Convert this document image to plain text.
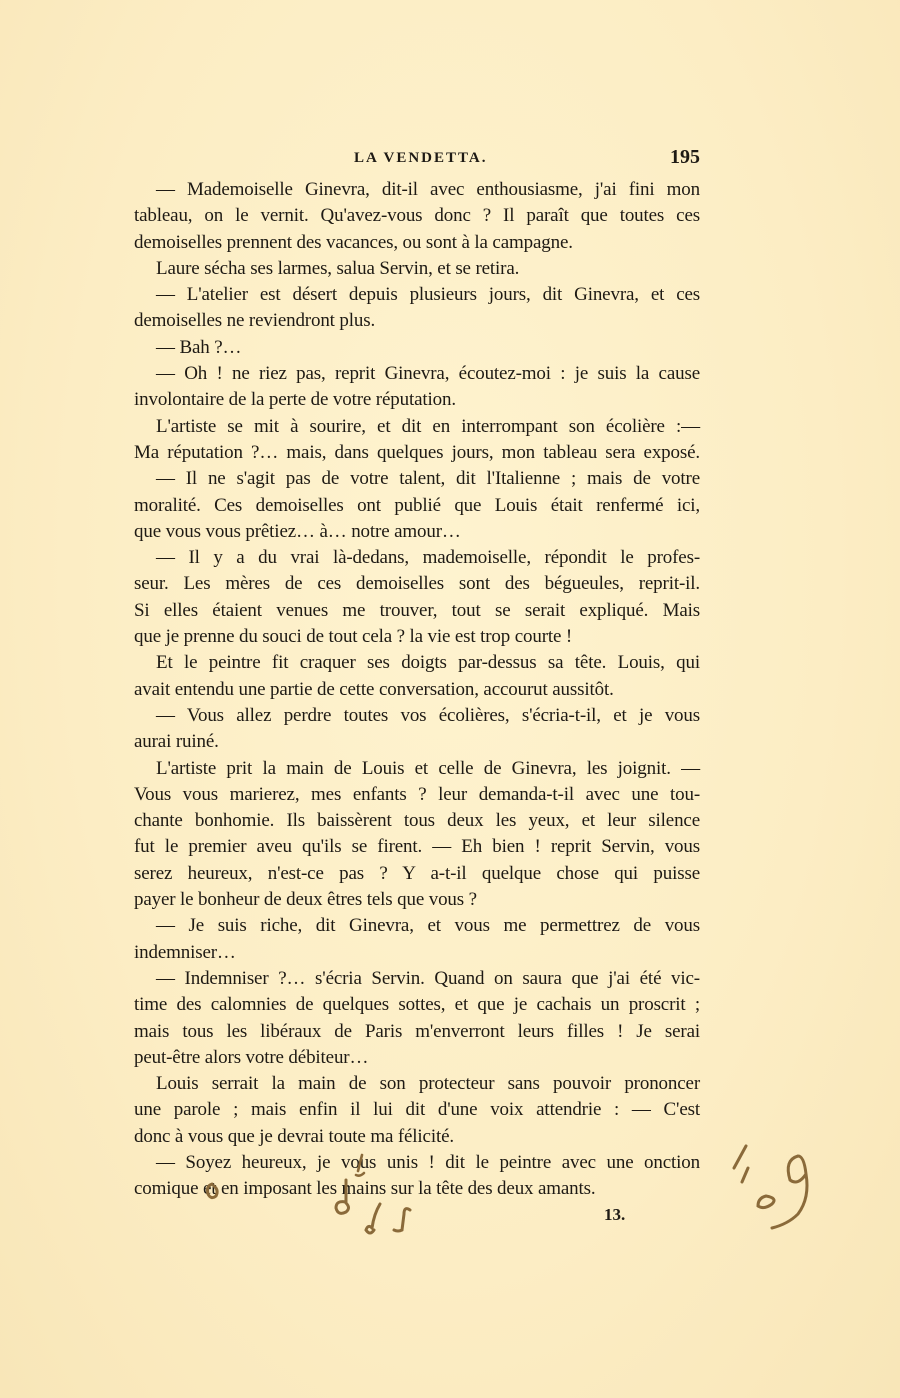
LA VENDETTA.	195
— Mademoiselle Ginevra, dit-il avec enthousiasme, j'ai fini mon
tableau, on le vernit. Qu'avez-vous donc ? Il paraît que toutes ces
demoiselles prennent des vacances, ou sont à la campagne.
Laure sécha ses larmes, salua Servin, et se retira.
— L'atelier est désert depuis plusieurs jours, dit Ginevra, et ces
demoiselles ne reviendront plus.
— Bah ?…
— Oh ! ne riez pas, reprit Ginevra, écoutez-moi : je suis la cause
involontaire de la perte de votre réputation.
L'artiste se mit à sourire, et dit en interrompant son écolière :—
Ma réputation ?… mais, dans quelques jours, mon tableau sera exposé.
— Il ne s'agit pas de votre talent, dit l'Italienne ; mais de votre
moralité. Ces demoiselles ont publié que Louis était renfermé ici,
que vous vous prêtiez… à… notre amour…
— Il y a du vrai là-dedans, mademoiselle, répondit le profes-
seur. Les mères de ces demoiselles sont des bégueules, reprit-il.
Si elles étaient venues me trouver, tout se serait expliqué. Mais
que je prenne du souci de tout cela ? la vie est trop courte !
Et le peintre fit craquer ses doigts par-dessus sa tête. Louis, qui
avait entendu une partie de cette conversation, accourut aussitôt.
— Vous allez perdre toutes vos écolières, s'écria-t-il, et je vous
aurai ruiné.
L'artiste prit la main de Louis et celle de Ginevra, les joignit. —
Vous vous marierez, mes enfants ? leur demanda-t-il avec une tou-
chante bonhomie. Ils baissèrent tous deux les yeux, et leur silence
fut le premier aveu qu'ils se firent. — Eh bien ! reprit Servin, vous
serez heureux, n'est-ce pas ? Y a-t-il quelque chose qui puisse
payer le bonheur de deux êtres tels que vous ?
— Je suis riche, dit Ginevra, et vous me permettrez de vous
indemniser…
— Indemniser ?… s'écria Servin. Quand on saura que j'ai été vic-
time des calomnies de quelques sottes, et que je cachais un proscrit ;
mais tous les libéraux de Paris m'enverront leurs filles ! Je serai
peut-être alors votre débiteur…
Louis serrait la main de son protecteur sans pouvoir prononcer
une parole ; mais enfin il lui dit d'une voix attendrie : — C'est
donc à vous que je devrai toute ma félicité.
— Soyez heureux, je vous unis ! dit le peintre avec une onction
comique et en imposant les mains sur la tête des deux amants.
13.
